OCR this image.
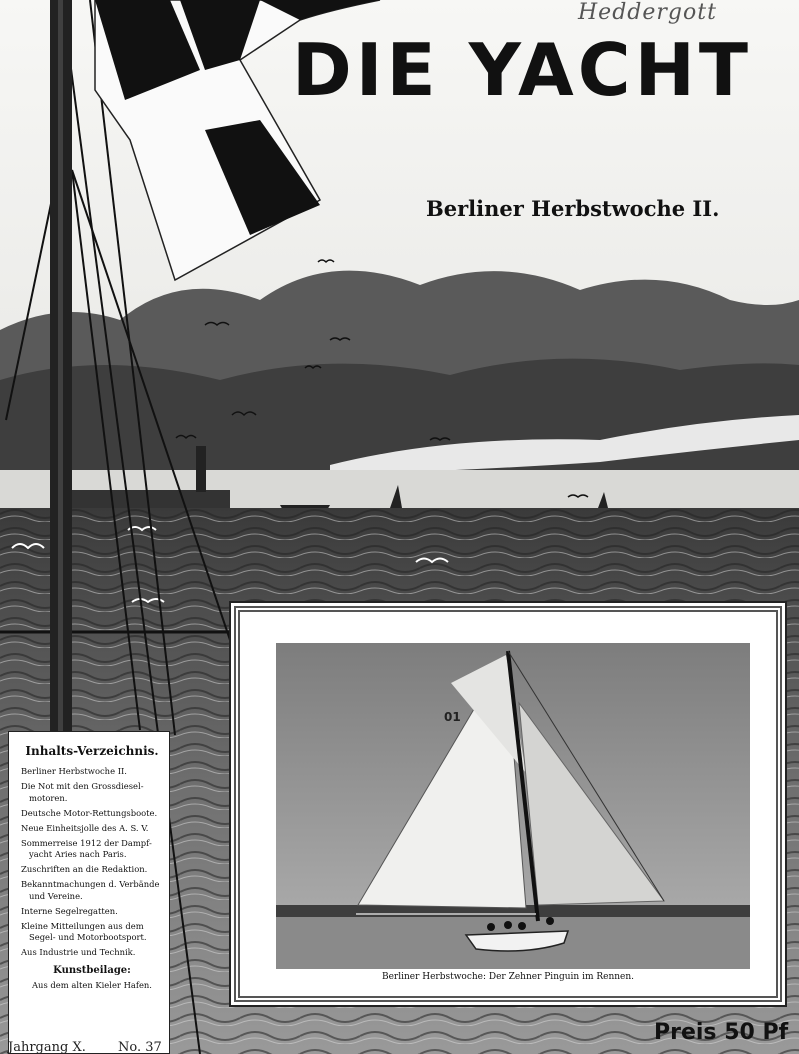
Heddergott
DIE YACHT
Berliner Herbstwoche II.
01
Berliner Herbstwoche: Der Zehner Pinguin im Rennen.
Inhalts-Verzeichnis.
Berliner Herbstwoche II.
Die Not mit den Grossdiesel-motoren.
Deutsche Motor-Rettungsboote.
Neue Einheitsjolle des A. S. V.
Sommerreise 1912 der Dampf-yacht Aries nach Paris.
Zuschriften an die Redaktion.
Bekanntmachungen d. Verbände und Vereine.
Interne Segelregatten.
Kleine Mitteilungen aus dem Segel- und Motorbootsport.
Aus Industrie und Technik.
Kunstbeilage:
Aus dem alten Kieler Hafen.
Jahrgang X. No. 37
Preis 50 Pf
